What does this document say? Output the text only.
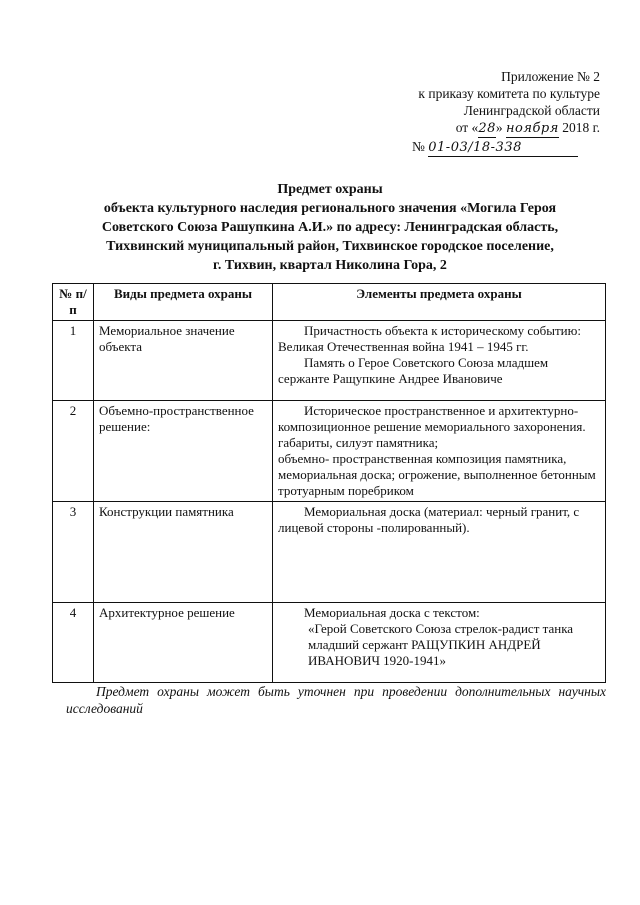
Приложение № 2
к приказу комитета по культуре
Ленинградской области
от «28» ноября 2018 г.
№ 01-03/18-338
Предмет охраны
объекта культурного наследия регионального значения «Могила Героя
Советского Союза Рашупкина А.И.» по адресу: Ленинградская область,
Тихвинский муниципальный район, Тихвинское городское поселение,
г. Тихвин, квартал Николина Гора, 2
№ п/п	Виды предмета охраны	Элементы предмета охраны
1	Мемориальное значение объекта	Причастность объекта к историческому событию: Великая Отечественная война 1941 – 1945 гг.
Память о Герое Советского Союза младшем сержанте Ращупкине Андрее Ивановиче

2	Объемно-пространственное решение:	Историческое пространственное и архитектурно-композиционное решение мемориального захоронения.
габариты, силуэт памятника;
объемно- пространственная композиция памятника, мемориальная доска; огрожение, выполненное бетонным тротуарным поребриком

3	Конструкции памятника	Мемориальная доска (материал: черный гранит, с лицевой стороны -полированный).

4	Архитектурное решение	Мемориальная доска с текстом:
«Герой Советского Союза стрелок-радист танка младший сержант РАЩУПКИН АНДРЕЙ ИВАНОВИЧ 1920-1941»
Предмет охраны может быть уточнен при проведении дополнительных научных исследований
